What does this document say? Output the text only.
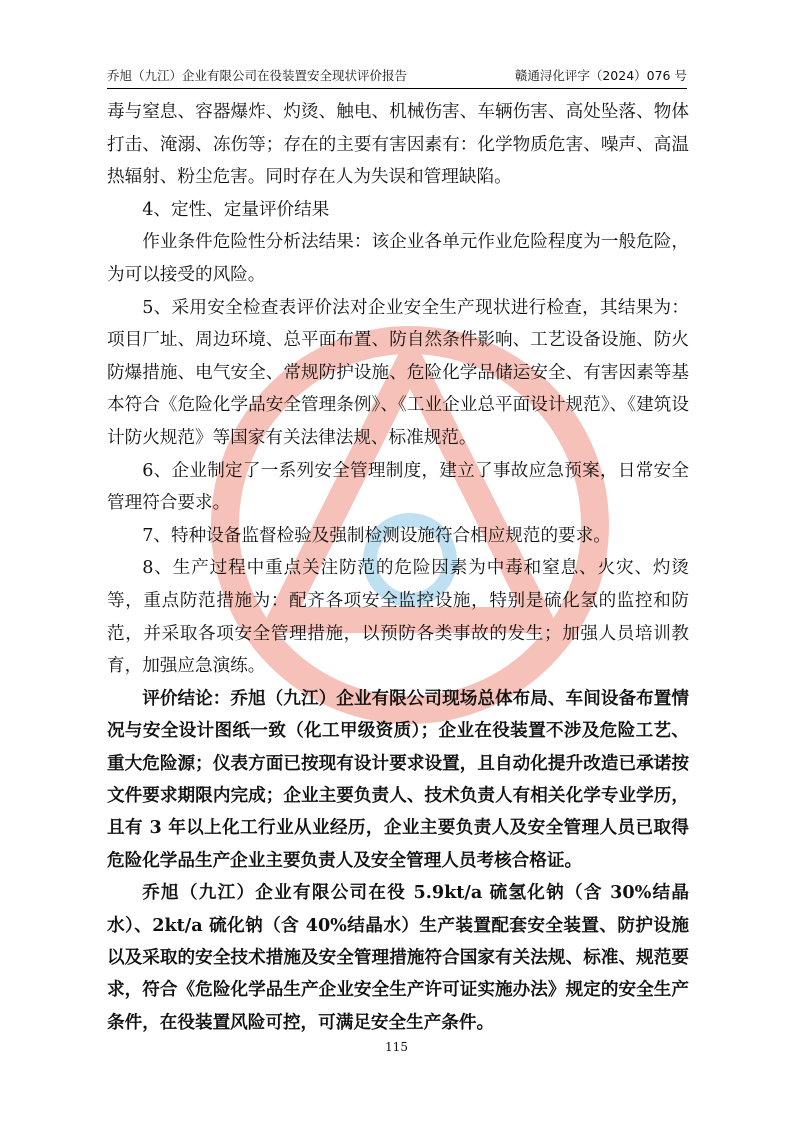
乔旭（九江）企业有限公司在役装置安全现状评价报告	赣通浔化评字（2024）076 号

毒与窒息、容器爆炸、灼烫、触电、机械伤害、车辆伤害、高处坠落、物体打击、淹溺、冻伤等；存在的主要有害因素有：化学物质危害、噪声、高温热辐射、粉尘危害。同时存在人为失误和管理缺陷。

4、定性、定量评价结果

作业条件危险性分析法结果：该企业各单元作业危险程度为一般危险，为可以接受的风险。

5、采用安全检查表评价法对企业安全生产现状进行检查，其结果为：项目厂址、周边环境、总平面布置、防自然条件影响、工艺设备设施、防火防爆措施、电气安全、常规防护设施、危险化学品储运安全、有害因素等基本符合《危险化学品安全管理条例》、《工业企业总平面设计规范》、《建筑设计防火规范》等国家有关法律法规、标准规范。

6、企业制定了一系列安全管理制度，建立了事故应急预案，日常安全管理符合要求。

7、特种设备监督检验及强制检测设施符合相应规范的要求。

8、生产过程中重点关注防范的危险因素为中毒和窒息、火灾、灼烫等，重点防范措施为：配齐各项安全监控设施，特别是硫化氢的监控和防范，并采取各项安全管理措施，以预防各类事故的发生；加强人员培训教育，加强应急演练。

评价结论：乔旭（九江）企业有限公司现场总体布局、车间设备布置情况与安全设计图纸一致（化工甲级资质）；企业在役装置不涉及危险工艺、重大危险源；仪表方面已按现有设计要求设置，且自动化提升改造已承诺按文件要求期限内完成；企业主要负责人、技术负责人有相关化学专业学历，且有 3 年以上化工行业从业经历，企业主要负责人及安全管理人员已取得危险化学品生产企业主要负责人及安全管理人员考核合格证。

乔旭（九江）企业有限公司在役 5.9kt/a 硫氢化钠（含 30%结晶水）、2kt/a 硫化钠（含 40%结晶水）生产装置配套安全装置、防护设施以及采取的安全技术措施及安全管理措施符合国家有关法规、标准、规范要求，符合《危险化学品生产企业安全生产许可证实施办法》规定的安全生产条件，在役装置风险可控，可满足安全生产条件。

115
